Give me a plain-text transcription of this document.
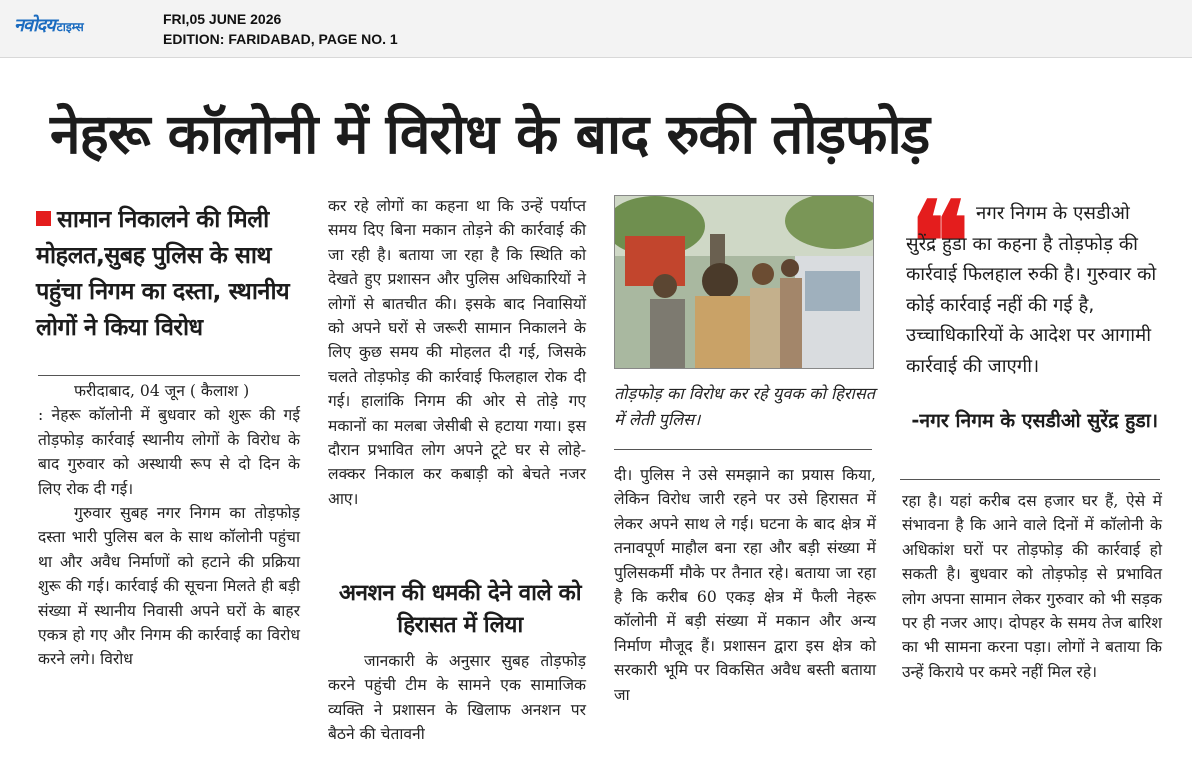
नवोदय टाइम्स	FRI,05 JUNE 2026
EDITION: FARIDABAD, PAGE NO. 1
नेहरू कॉलोनी में विरोध के बाद रुकी तोड़फोड़
सामान निकालने की मिली मोहलत,सुबह पुलिस के साथ पहुंचा निगम का दस्ता, स्थानीय लोगों ने किया विरोध

फरीदाबाद, 04 जून ( कैलाश )

: नेहरू कॉलोनी में बुधवार को शुरू की गई तोड़फोड़ कार्रवाई स्थानीय लोगों के विरोध के बाद गुरुवार को अस्थायी रूप से दो दिन के लिए रोक दी गई।

गुरुवार सुबह नगर निगम का तोड़फोड़ दस्ता भारी पुलिस बल के साथ कॉलोनी पहुंचा था और अवैध निर्माणों को हटाने की प्रक्रिया शुरू की गई। कार्रवाई की सूचना मिलते ही बड़ी संख्या में स्थानीय निवासी अपने घरों के बाहर एकत्र हो गए और निगम की कार्रवाई का विरोध करने लगे। विरोध

कर रहे लोगों का कहना था कि उन्हें पर्याप्त समय दिए बिना मकान तोड़ने की कार्रवाई की जा रही है। बताया जा रहा है कि स्थिति को देखते हुए प्रशासन और पुलिस अधिकारियों ने लोगों से बातचीत की। इसके बाद निवासियों को अपने घरों से जरूरी सामान निकालने के लिए कुछ समय की मोहलत दी गई, जिसके चलते तोड़फोड़ की कार्रवाई फिलहाल रोक दी गई। हालांकि निगम की ओर से तोड़े गए मकानों का मलबा जेसीबी से हटाया गया। इस दौरान प्रभावित लोग अपने टूटे घर से लोहे-लक्कर निकाल कर कबाड़ी को बेचते नजर आए।

अनशन की धमकी देने वाले को हिरासत में लिया

जानकारी के अनुसार सुबह तोड़फोड़ करने पहुंची टीम के सामने एक सामाजिक व्यक्ति ने प्रशासन के खिलाफ अनशन पर बैठने की चेतावनी

तोड़फोड़ का विरोध कर रहे युवक को हिरासत में लेती पुलिस।

दी। पुलिस ने उसे समझाने का प्रयास किया, लेकिन विरोध जारी रहने पर उसे हिरासत में लेकर अपने साथ ले गई। घटना के बाद क्षेत्र में तनावपूर्ण माहौल बना रहा और बड़ी संख्या में पुलिसकर्मी मौके पर तैनात रहे। बताया जा रहा है कि करीब 60 एकड़ क्षेत्र में फैली नेहरू कॉलोनी में बड़ी संख्या में मकान और अन्य निर्माण मौजूद हैं। प्रशासन द्वारा इस क्षेत्र को सरकारी भूमि पर विकसित अवैध बस्ती बताया जा

❝ नगर निगम के एसडीओ सुरेंद्र हुडा का कहना है तोड़फोड़ की कार्रवाई फिलहाल रुकी है। गुरुवार को कोई कार्रवाई नहीं की गई है, उच्चाधिकारियों के आदेश पर आगामी कार्रवाई की जाएगी।

-नगर निगम के एसडीओ सुरेंद्र हुडा।

रहा है। यहां करीब दस हजार घर हैं, ऐसे में संभावना है कि आने वाले दिनों में कॉलोनी के अधिकांश घरों पर तोड़फोड़ की कार्रवाई हो सकती है। बुधवार को तोड़फोड़ से प्रभावित लोग अपना सामान लेकर गुरुवार को भी सड़क पर ही नजर आए। दोपहर के समय तेज बारिश का भी सामना करना पड़ा। लोगों ने बताया कि उन्हें किराये पर कमरे नहीं मिल रहे।
